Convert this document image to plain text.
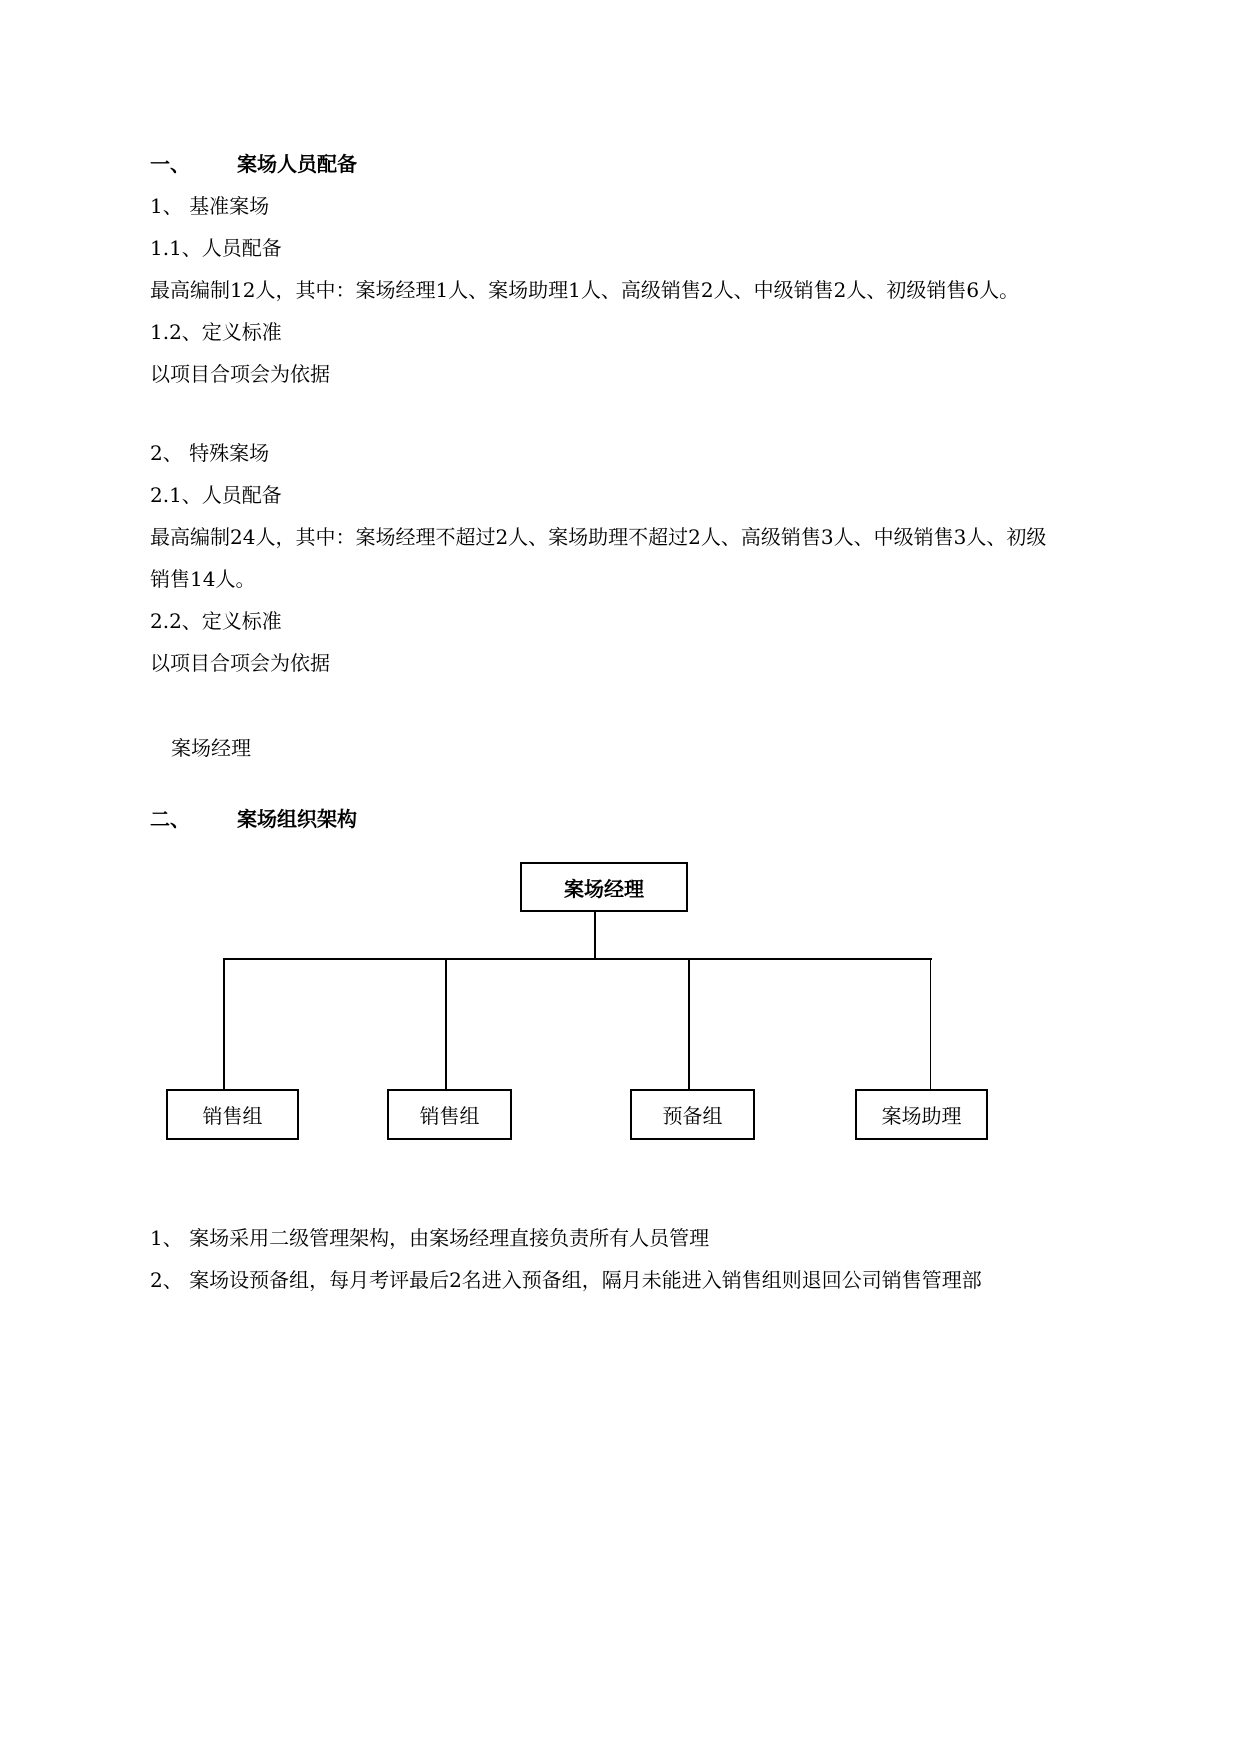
一、 案场人员配备
1、 基准案场
1.1、人员配备
最高编制12人，其中：案场经理1人、案场助理1人、高级销售2人、中级销售2人、初级销售6人。
1.2、定义标准
以项目合项会为依据
2、 特殊案场
2.1、人员配备
最高编制24人，其中：案场经理不超过2人、案场助理不超过2人、高级销售3人、中级销售3人、初级
销售14人。
2.2、定义标准
以项目合项会为依据
案场经理
二、 案场组织架构
案场经理
销售组	销售组	预备组	案场助理
1、 案场采用二级管理架构，由案场经理直接负责所有人员管理
2、 案场设预备组，每月考评最后2名进入预备组，隔月未能进入销售组则退回公司销售管理部
